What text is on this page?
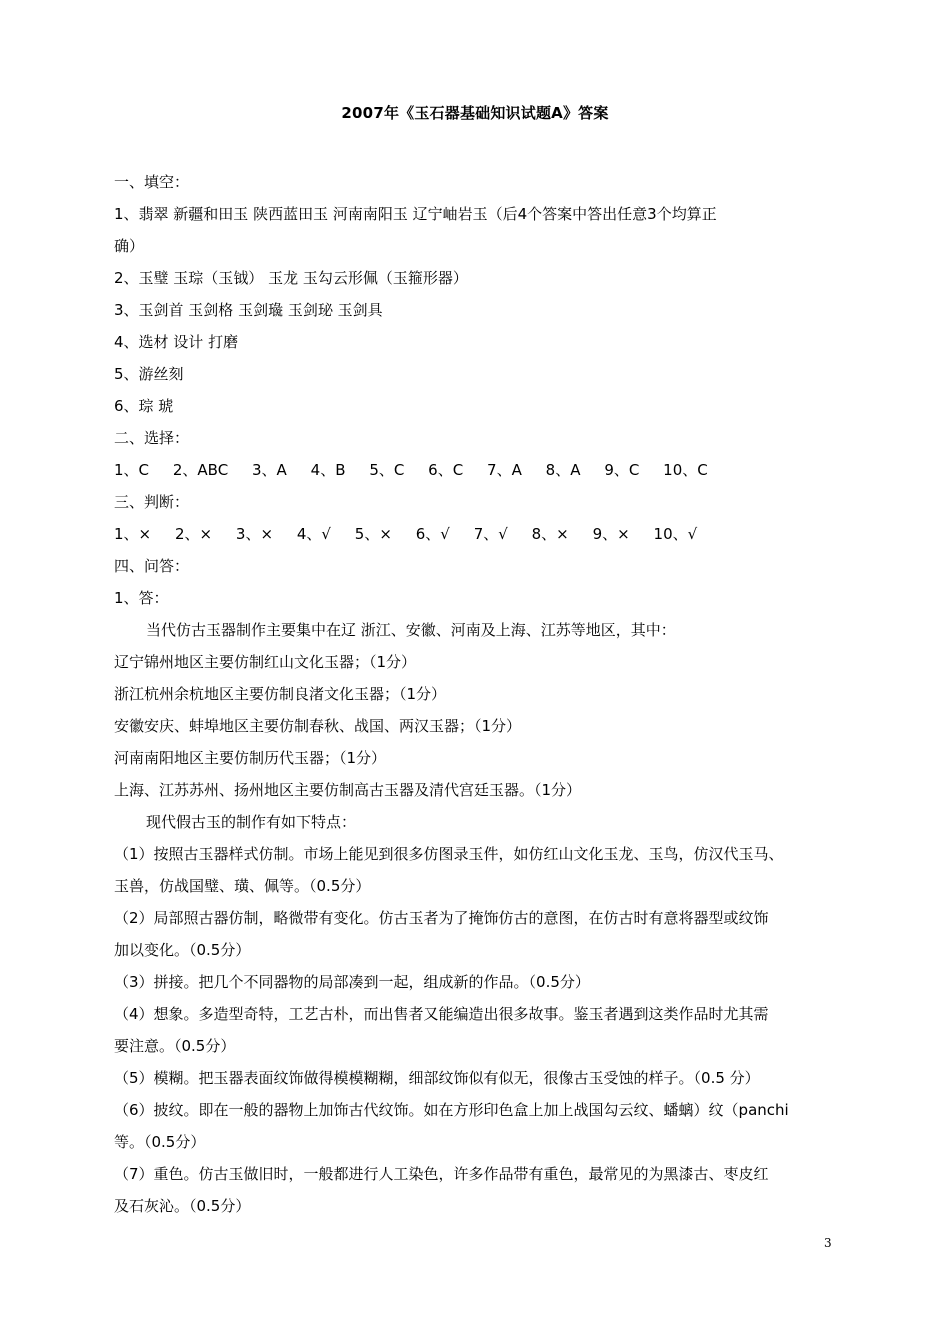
2007年《玉石器基础知识试题A》答案
一、填空：
1、翡翠 新疆和田玉 陕西蓝田玉 河南南阳玉 辽宁岫岩玉（后4个答案中答出任意3个均算正
确）
2、玉璧 玉琮（玉钺） 玉龙 玉勾云形佩（玉箍形器）
3、玉剑首 玉剑格 玉剑璏 玉剑珌 玉剑具
4、选材 设计 打磨
5、游丝刻
6、琮 琥
二、选择：
1、C     2、ABC     3、A     4、B     5、C     6、C     7、A     8、A     9、C     10、C
三、判断：
1、×     2、×     3、×     4、√     5、×     6、√     7、√     8、×     9、×     10、√
四、问答：
1、答：
当代仿古玉器制作主要集中在辽 浙江、安徽、河南及上海、江苏等地区，其中：
辽宁锦州地区主要仿制红山文化玉器；（1分）
浙江杭州余杭地区主要仿制良渚文化玉器；（1分）
安徽安庆、蚌埠地区主要仿制春秋、战国、两汉玉器；（1分）
河南南阳地区主要仿制历代玉器；（1分）
上海、江苏苏州、扬州地区主要仿制高古玉器及清代宫廷玉器。（1分）
现代假古玉的制作有如下特点：
（1）按照古玉器样式仿制。市场上能见到很多仿图录玉件，如仿红山文化玉龙、玉鸟，仿汉代玉马、
玉兽，仿战国璧、璜、佩等。（0.5分）
（2）局部照古器仿制，略微带有变化。仿古玉者为了掩饰仿古的意图，在仿古时有意将器型或纹饰
加以变化。（0.5分）
（3）拼接。把几个不同器物的局部凑到一起，组成新的作品。（0.5分）
（4）想象。多造型奇特，工艺古朴，而出售者又能编造出很多故事。鉴玉者遇到这类作品时尤其需
要注意。（0.5分）
（5）模糊。把玉器表面纹饰做得模模糊糊，细部纹饰似有似无，很像古玉受蚀的样子。（0.5 分）
（6）披纹。即在一般的器物上加饰古代纹饰。如在方形印色盒上加上战国勾云纹、蟠螭）纹（panchi
等。（0.5分）
（7）重色。仿古玉做旧时，一般都进行人工染色，许多作品带有重色，最常见的为黑漆古、枣皮红
及石灰沁。（0.5分）
3
